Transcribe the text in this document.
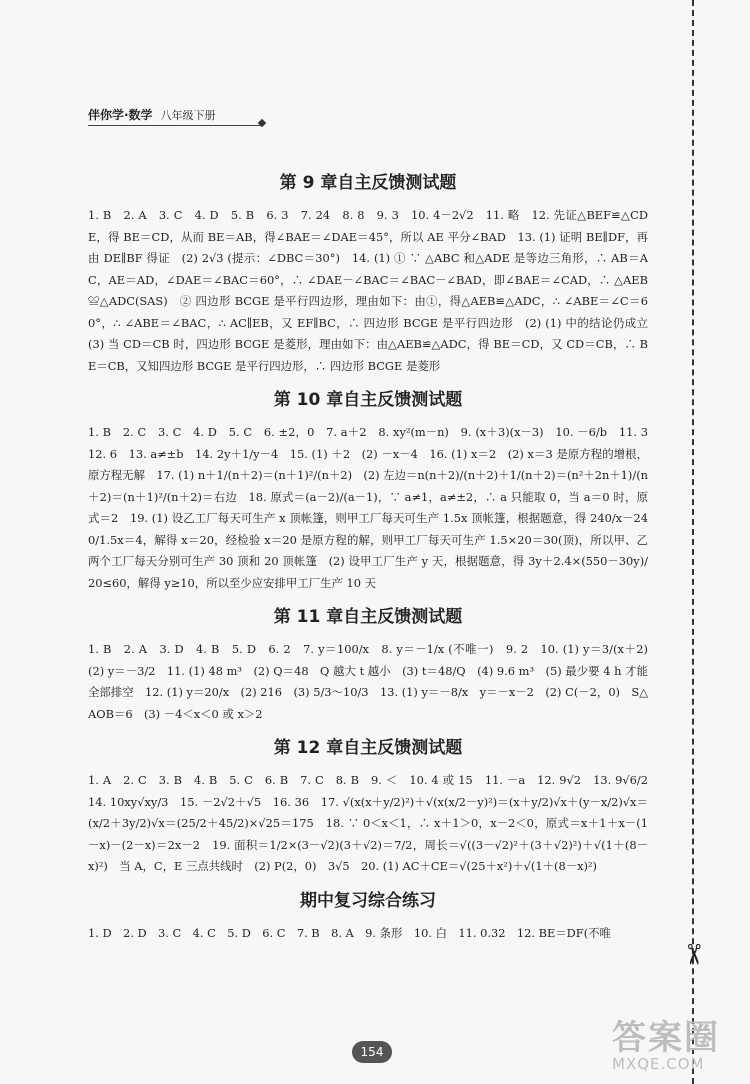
✂
伴你学·数学 八年级下册
第 9 章自主反馈测试题

1. B　2. A　3. C　4. D　5. B　6. 3　7. 24　8. 8　9. 3　10. 4－2√2　11. 略　12. 先证△BEF≌△CDE，得 BE＝CD，从而 BE＝AB，得∠BAE＝∠DAE＝45°，所以 AE 平分∠BAD　13. (1) 证明 BE∥DF，再由 DE∥BF 得证　(2) 2√3 (提示：∠DBC＝30°)　14. (1) ① ∵ △ABC 和△ADE 是等边三角形，∴ AB＝AC，AE＝AD，∠DAE＝∠BAC＝60°，∴ ∠DAE－∠BAC＝∠BAC－∠BAD，即∠BAE＝∠CAD，∴ △AEB≌△ADC(SAS)　② 四边形 BCGE 是平行四边形，理由如下：由①，得△AEB≌△ADC，∴ ∠ABE＝∠C＝60°，∴ ∠ABE＝∠BAC，∴ AC∥EB，又 EF∥BC，∴ 四边形 BCGE 是平行四边形　(2) (1) 中的结论仍成立　(3) 当 CD＝CB 时，四边形 BCGE 是菱形，理由如下：由△AEB≌△ADC，得 BE＝CD，又 CD＝CB，∴ BE＝CB，又知四边形 BCGE 是平行四边形，∴ 四边形 BCGE 是菱形

第 10 章自主反馈测试题

1. B　2. C　3. C　4. D　5. C　6. ±2，0　7. a＋2　8. xy²(m－n)　9. (x＋3)(x－3)　10. －6/b　11. 3　12. 6　13. a≠±b　14. 2y＋1/y－4　15. (1) ＋2　(2) －x－4　16. (1) x＝2　(2) x＝3 是原方程的增根，原方程无解　17. (1) n＋1/(n＋2)＝(n＋1)²/(n＋2)　(2) 左边＝n(n＋2)/(n＋2)＋1/(n＋2)＝(n²＋2n＋1)/(n＋2)＝(n＋1)²/(n＋2)＝右边　18. 原式＝(a－2)/(a－1)，∵ a≠1，a≠±2，∴ a 只能取 0，当 a＝0 时，原式＝2　19. (1) 设乙工厂每天可生产 x 顶帐篷，则甲工厂每天可生产 1.5x 顶帐篷，根据题意，得 240/x－240/1.5x＝4，解得 x＝20，经检验 x＝20 是原方程的解，则甲工厂每天可生产 1.5×20＝30(顶)，所以甲、乙两个工厂每天分别可生产 30 顶和 20 顶帐篷　(2) 设甲工厂生产 y 天，根据题意，得 3y＋2.4×(550－30y)/20≤60，解得 y≥10，所以至少应安排甲工厂生产 10 天

第 11 章自主反馈测试题

1. B　2. A　3. D　4. B　5. D　6. 2　7. y＝100/x　8. y＝－1/x (不唯一)　9. 2　10. (1) y＝3/(x＋2)　(2) y＝－3/2　11. (1) 48 m³　(2) Q＝48　Q 越大 t 越小　(3) t＝48/Q　(4) 9.6 m³　(5) 最少要 4 h 才能全部排空　12. (1) y＝20/x　(2) 216　(3) 5/3～10/3　13. (1) y＝－8/x　y＝－x－2　(2) C(－2，0)　S△AOB＝6　(3) －4＜x＜0 或 x＞2

第 12 章自主反馈测试题

1. A　2. C　3. B　4. B　5. C　6. B　7. C　8. B　9. ＜　10. 4 或 15　11. －a　12. 9√2　13. 9√6/2　14. 10xy√xy/3　15. －2√2＋√5　16. 36　17. √(x(x＋y/2)²)＋√(x(x/2－y)²)＝(x＋y/2)√x＋(y－x/2)√x＝(x/2＋3y/2)√x＝(25/2＋45/2)×√25＝175　18. ∵ 0＜x＜1，∴ x＋1＞0，x－2＜0，原式＝x＋1＋x－(1－x)－(2－x)＝2x－2　19. 面积＝1/2×(3－√2)(3＋√2)＝7/2，周长＝√((3－√2)²＋(3＋√2)²)＋√(1＋(8－x)²)　当 A，C，E 三点共线时　(2) P(2，0)　3√5　20. (1) AC＋CE＝√(25＋x²)＋√(1＋(8－x)²)

期中复习综合练习

1. D　2. D　3. C　4. C　5. D　6. C　7. B　8. A　9. 条形　10. 白　11. 0.32　12. BE＝DF(不唯

154	答案圈
MXQE.COM
